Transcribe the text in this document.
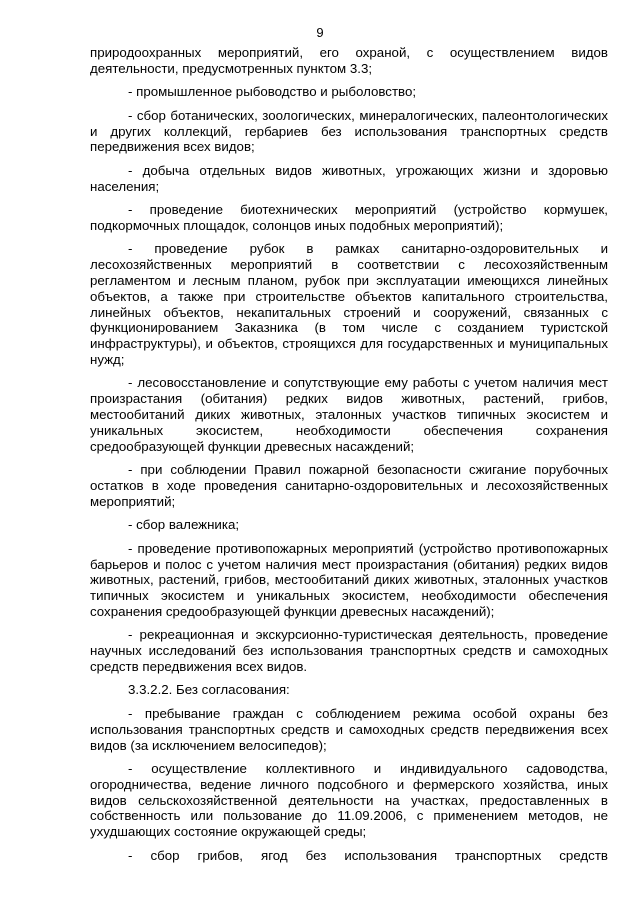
9

природоохранных мероприятий, его охраной, с осуществлением видов деятельности, предусмотренных пунктом 3.3;

- промышленное рыбоводство и рыболовство;

- сбор ботанических, зоологических, минералогических, палеонтологических и других коллекций, гербариев без использования транспортных средств передвижения всех видов;

- добыча отдельных видов животных, угрожающих жизни и здоровью населения;

- проведение биотехнических мероприятий (устройство кормушек, подкормочных площадок, солонцов иных подобных мероприятий);

- проведение рубок в рамках санитарно-оздоровительных и лесохозяйственных мероприятий в соответствии с лесохозяйственным регламентом и лесным планом, рубок при эксплуатации имеющихся линейных объектов, а также при строительстве объектов капитального строительства, линейных объектов, некапитальных строений и сооружений, связанных с функционированием Заказника (в том числе с созданием туристской инфраструктуры), и объектов, строящихся для государственных и муниципальных нужд;

- лесовосстановление и сопутствующие ему работы с учетом наличия мест произрастания (обитания) редких видов животных, растений, грибов, местообитаний диких животных, эталонных участков типичных экосистем и уникальных экосистем, необходимости обеспечения сохранения средообразующей функции древесных насаждений;

- при соблюдении Правил пожарной безопасности сжигание порубочных остатков в ходе проведения санитарно-оздоровительных и лесохозяйственных мероприятий;

- сбор валежника;

- проведение противопожарных мероприятий (устройство противопожарных барьеров и полос с учетом наличия мест произрастания (обитания) редких видов животных, растений, грибов, местообитаний диких животных, эталонных участков типичных экосистем и уникальных экосистем, необходимости обеспечения сохранения средообразующей функции древесных насаждений);

- рекреационная и экскурсионно-туристическая деятельность, проведение научных исследований без использования транспортных средств и самоходных средств передвижения всех видов.

3.3.2.2. Без согласования:

- пребывание граждан с соблюдением режима особой охраны без использования транспортных средств и самоходных средств передвижения всех видов (за исключением велосипедов);

- осуществление коллективного и индивидуального садоводства, огородничества, ведение личного подсобного и фермерского хозяйства, иных видов сельскохозяйственной деятельности на участках, предоставленных в собственность или пользование до 11.09.2006, с применением методов, не ухудшающих состояние окружающей среды;

- сбор грибов, ягод без использования транспортных средств
